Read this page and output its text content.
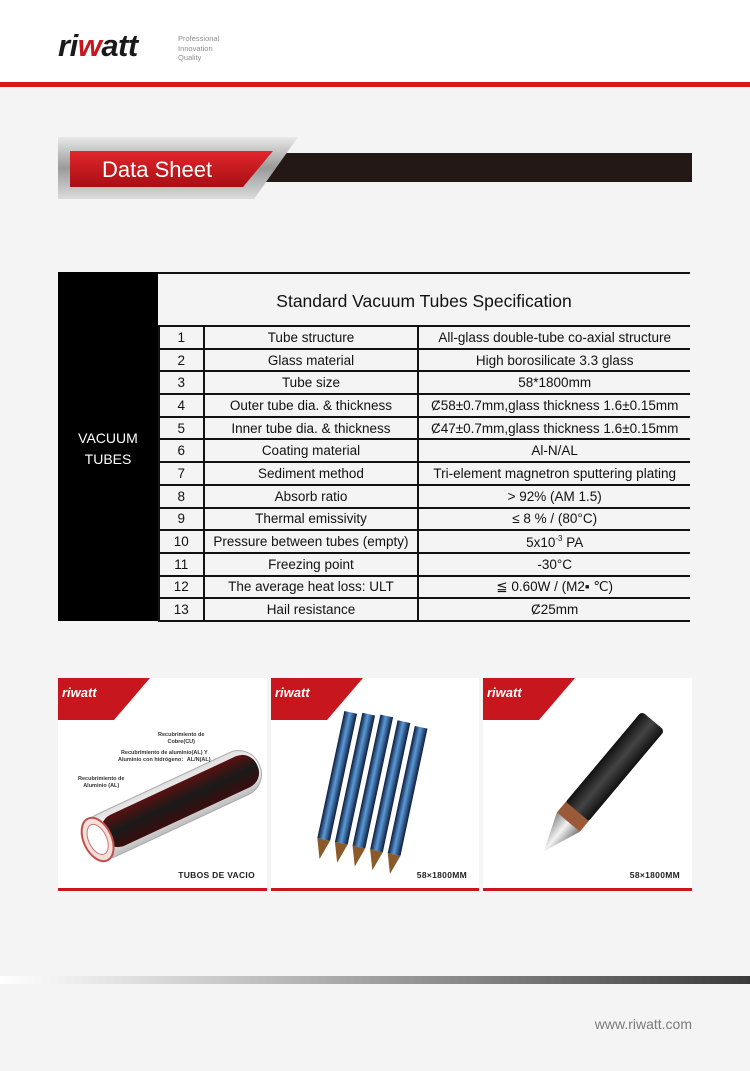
riwatt	Professional
Innovation
Quality
Data Sheet
VACUUM
TUBES
Standard Vacuum Tubes Specification
1	Tube structure	All-glass double-tube co-axial structure
2	Glass material	High borosilicate 3.3 glass
3	Tube size	58*1800mm
4	Outer tube dia. & thickness	Ȼ58±0.7mm,glass thickness 1.6±0.15mm
5	Inner tube dia. & thickness	Ȼ47±0.7mm,glass thickness 1.6±0.15mm
6	Coating material	Al-N/AL
7	Sediment method	Tri-element magnetron sputtering plating
8	Absorb ratio	> 92% (AM 1.5)
9	Thermal emissivity	≤ 8 % / (80°C)
10	Pressure between tubes (empty)	$5x10^{-3}$ PA
11	Freezing point	-30°C
12	The average heat loss: ULT	≦ 0.60W / (M2▪ ℃)
13	Hail resistance	Ȼ25mm
Recubrimiento de
Cobre(CU)
Recubrimiento de aluminio(AL) Y
Aluminio con hidrógeno：AL/N(AL)
Recubrimiento de
Aluminio (AL)
riwatt
TUBOS DE VACIO
riwatt
58×1800MM
riwatt
58×1800MM
www.riwatt.com
